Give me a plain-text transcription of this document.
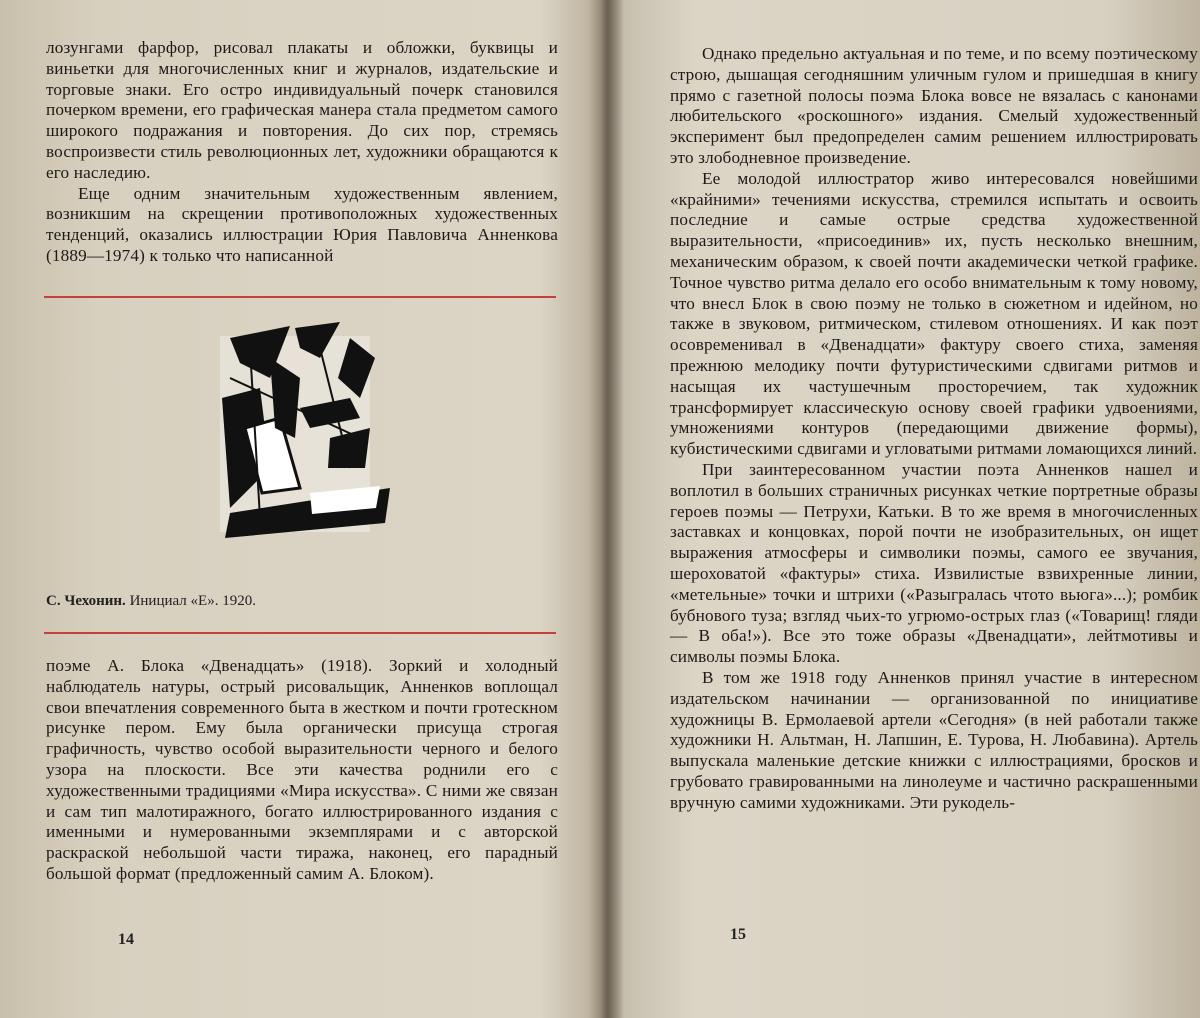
лозунгами фарфор, рисовал плакаты и обложки, буквицы и виньетки для многочисленных книг и журналов, издательские и торговые знаки. Его остро индивидуальный почерк становился почерком времени, его графическая манера стала предметом самого широкого подражания и повторения. До сих пор, стремясь воспроизвести стиль революционных лет, художники обращаются к его наследию.

Еще одним значительным художественным явлением, возникшим на скрещении противоположных художественных тенденций, оказались иллюстрации Юрия Павловича Анненкова (1889—1974) к только что написанной

С. Чехонин. Инициал «Е». 1920.

поэме А. Блока «Двенадцать» (1918). Зоркий и холодный наблюдатель натуры, острый рисовальщик, Анненков воплощал свои впечатления современного быта в жестком и почти гротескном рисунке пером. Ему была органически присуща строгая графичность, чувство особой выразительности черного и белого узора на плоскости. Все эти качества роднили его с художественными традициями «Мира искусства». С ними же связан и сам тип малотиражного, богато иллюстрированного издания с именными и нумерованными экземплярами и с авторской раскраской небольшой части тиража, наконец, его парадный большой формат (предложенный самим А. Блоком).

14

Однако предельно актуальная и по теме, и по всему поэтическому строю, дышащая сегодняшним уличным гулом и пришедшая в книгу прямо с газетной полосы поэма Блока вовсе не вязалась с канонами любительского «роскошного» издания. Смелый художественный эксперимент был предопределен самим решением иллюстрировать это злободневное произведение.

Ее молодой иллюстратор живо интересовался новейшими «крайними» течениями искусства, стремился испытать и освоить последние и самые острые средства художественной выразительности, «присоединив» их, пусть несколько внешним, механическим образом, к своей почти академически четкой графике. Точное чувство ритма делало его особо внимательным к тому новому, что внесл Блок в свою поэму не только в сюжетном и идейном, но также в звуковом, ритмическом, стилевом отношениях. И как поэт осовременивал в «Двенадцати» фактуру своего стиха, заменяя прежнюю мелодику почти футуристическими сдвигами ритмов и насыщая их частушечным просторечием, так художник трансформирует классическую основу своей графики удвоениями, умножениями контуров (передающими движение формы), кубистическими сдвигами и угловатыми ритмами ломающихся линий.

При заинтересованном участии поэта Анненков нашел и воплотил в больших страничных рисунках четкие портретные образы героев поэмы — Петрухи, Катьки. В то же время в многочисленных заставках и концовках, порой почти не изобразительных, он ищет выражения атмосферы и символики поэмы, самого ее звучания, шероховатой «фактуры» стиха. Извилистые взвихренные линии, «метельные» точки и штрихи («Разыгралась чтото вьюга»...); ромбик бубнового туза; взгляд чьих-то угрюмо-острых глаз («Товарищ! гляди — В оба!»). Все это тоже образы «Двенадцати», лейтмотивы и символы поэмы Блока.

В том же 1918 году Анненков принял участие в интересном издательском начинании — организованной по инициативе художницы В. Ермолаевой артели «Сегодня» (в ней работали также художники Н. Альтман, Н. Лапшин, Е. Турова, Н. Любавина). Артель выпускала маленькие детские книжки с иллюстрациями, бросков и грубовато гравированными на линолеуме и частично раскрашенными вручную самими художниками. Эти рукодель-

15
